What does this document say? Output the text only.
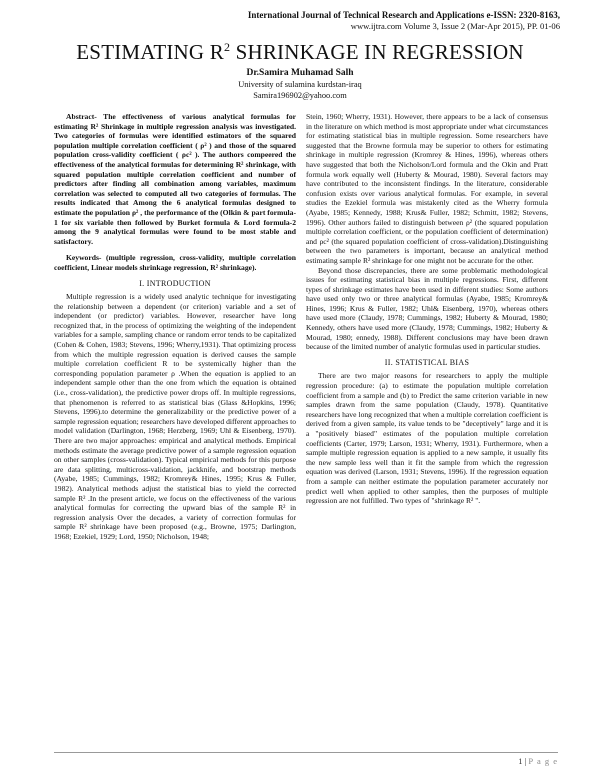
International Journal of Technical Research and Applications e-ISSN: 2320-8163,
www.ijtra.com Volume 3, Issue 2 (Mar-Apr 2015), PP. 01-06
ESTIMATING $R^2$ SHRINKAGE IN REGRESSION
Dr.Samira Muhamad Salh
University of sulamina kurdstan-iraq
Samira196902@yahoo.com

Abstract- The effectiveness of various analytical formulas for estimating R² Shrinkage in multiple regression analysis was investigated. Two categories of formulas were identified estimators of the squared population multiple correlation coefficient ( ρ² ) and those of the squared population cross-validity coefficient ( ρc² ). The authors compeered the effectiveness of the analytical formulas for determining R² shrinkage, with squared population multiple correlation coefficient and number of predictors after finding all combination among variables, maximum correlation was selected to computed all two categories of formulas. The results indicated that Among the 6 analytical formulas designed to estimate the population ρ² , the performance of the (Olkin & part formula-1 for six variable then followed by Burket formula & Lord formula-2 among the 9 analytical formulas were found to be most stable and satisfactory.

Keywords- (multiple regression, cross-validity, multiple correlation coefficient, Linear models shrinkage regression, R² shrinkage).

I. INTRODUCTION

Multiple regression is a widely used analytic technique for investigating the relationship between a dependent (or criterion) variable and a set of independent (or predictor) variables. However, researcher have long recognized that, in the process of optimizing the weighting of the independent variables for a sample, sampling chance or random error tends to be capitalized (Cohen & Cohen, 1983; Stevens, 1996; Wherry,1931). That optimizing process from which the multiple regression equation is derived causes the sample multiple correlation coefficient R to be systemically higher than the corresponding population parameter ρ .When the equation is applied to an independent sample other than the one from which the equation is obtained (i.e., cross-validation), the predictive power drops off. In multiple regressions, that phenomenon is referred to as statistical bias (Glass &Hopkins, 1996; Stevens, 1996).to determine the generalizability or the predictive power of a sample regression equation; researchers have developed different approaches to model validation (Darlington, 1968; Herzberg, 1969; Uhl & Eisenberg, 1970). There are two major approaches: empirical and analytical methods. Empirical methods estimate the average predictive power of a sample regression equation on other samples (cross-validation). Typical empirical methods for this purpose are data splitting, multicross-validation, jackknife, and bootstrap methods (Ayabe, 1985; Cummings, 1982; Kromrey& Hines, 1995; Krus & Fuller, 1982). Analytical methods adjust the statistical bias to yield the corrected sample R² .In the present article, we focus on the effectiveness of the various analytical formulas for correcting the upward bias of the sample R² in regression analysis Over the decades, a variety of correction formulas for sample R² shrinkage have been proposed (e.g., Browne, 1975; Darlington, 1968; Ezekiel, 1929; Lord, 1950; Nicholson, 1948;

Stein, 1960; Wherry, 1931). However, there appears to be a lack of consensus in the literature on which method is most appropriate under what circumstances for estimating statistical bias in multiple regression. Some researchers have suggested that the Browne formula may be superior to others for estimating shrinkage in multiple regression (Kromrey & Hines, 1996), whereas others have suggested that both the Nicholson/Lord formula and the Okin and Pratt formula work equally well (Huberty & Mourad, 1980). Several factors may have contributed to the inconsistent findings. In the literature, considerable confusion exists over various analytical formulas. For example, in several studies the Ezekiel formula was mistakenly cited as the Wherry formula (Ayabe, 1985; Kennedy, 1988; Krus& Fuller, 1982; Schmitt, 1982; Stevens, 1996). Other authors failed to distinguish between ρ² (the squared population multiple correlation coefficient, or the population coefficient of determination) and ρc² (the squared population coefficient of cross-validation).Distinguishing between the two parameters is important, because an analytical method estimating sample R² shrinkage for one might not be accurate for the other.

Beyond those discrepancies, there are some problematic methodological issues for estimating statistical bias in multiple regressions. First, different types of shrinkage estimates have been used in different studies: Some authors have used only two or three analytical formulas (Ayabe, 1985; Kromrey& Hines, 1996; Krus & Fuller, 1982; Uhl& Eisenberg, 1970), whereas others have used more (Claudy, 1978; Cummings, 1982; Huberty & Mourad, 1980; Kennedy, others have used more (Claudy, 1978; Cummings, 1982; Huberty & Mourad, 1980; ennedy, 1988). Different conclusions may have been drawn because of the limited number of analytic formulas used in particular studies.

II. STATISTICAL BIAS

There are two major reasons for researchers to apply the multiple regression procedure: (a) to estimate the population multiple correlation coefficient from a sample and (b) to Predict the same criterion variable in new samples drawn from the same population (Claudy, 1978). Quantitative researchers have long recognized that when a multiple correlation coefficient is derived from a given sample, its value tends to be "deceptively" large and it is a "positively biased" estimates of the population multiple correlation coefficients (Carter, 1979; Larson, 1931; Wherry, 1931). Furthermore, when a sample multiple regression equation is applied to a new sample, it usually fits the new sample less well than it fit the sample from which the regression equation was derived (Larson, 1931; Stevens, 1996). If the regression equation from a sample can neither estimate the population parameter accurately nor predict well when applied to other samples, then the purposes of multiple regression are not fulfilled. Two types of "shrinkage R² ".

1 | P a g e
